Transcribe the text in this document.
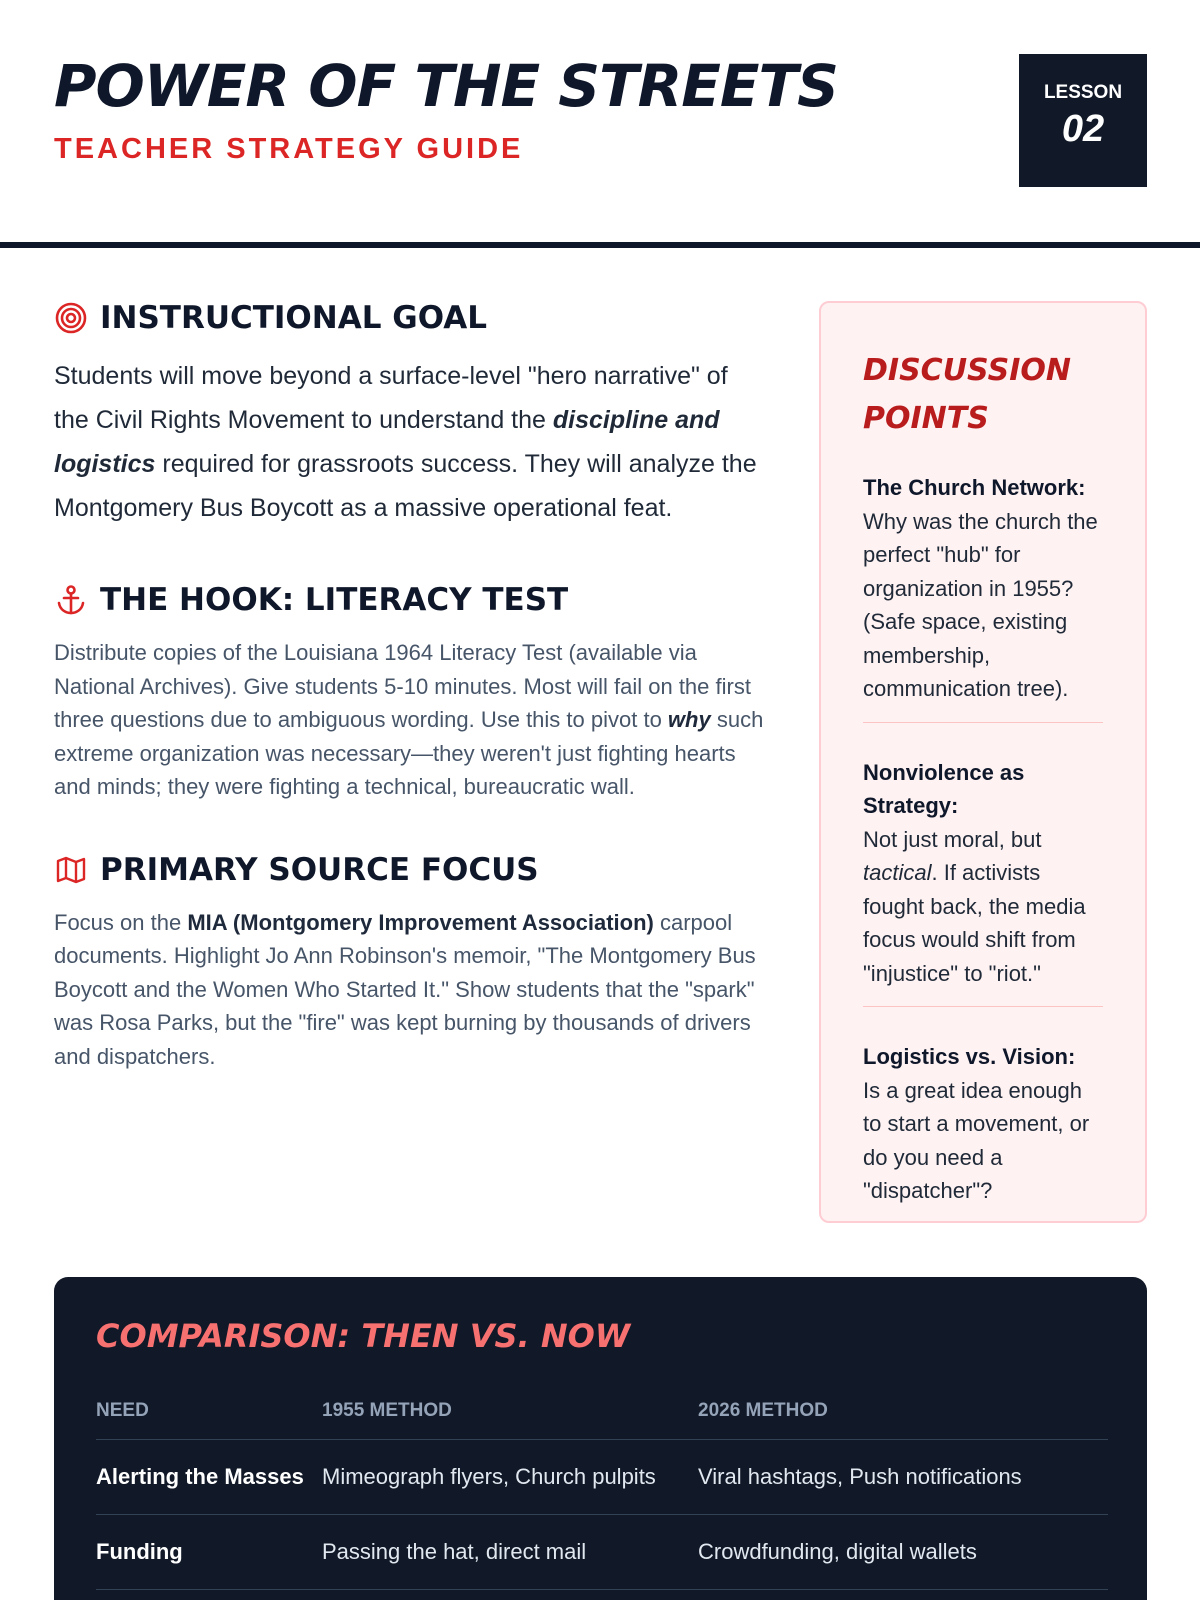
POWER OF THE STREETS
TEACHER STRATEGY GUIDE
LESSON
02
INSTRUCTIONAL GOAL

Students will move beyond a surface-level "hero narrative" of the Civil Rights Movement to understand the discipline and logistics required for grassroots success. They will analyze the Montgomery Bus Boycott as a massive operational feat.

THE HOOK: LITERACY TEST

Distribute copies of the Louisiana 1964 Literacy Test (available via National Archives). Give students 5-10 minutes. Most will fail on the first three questions due to ambiguous wording. Use this to pivot to why such extreme organization was necessary—they weren't just fighting hearts and minds; they were fighting a technical, bureaucratic wall.

PRIMARY SOURCE FOCUS

Focus on the MIA (Montgomery Improvement Association) carpool documents. Highlight Jo Ann Robinson's memoir, "The Montgomery Bus Boycott and the Women Who Started It." Show students that the "spark" was Rosa Parks, but the "fire" was kept burning by thousands of drivers and dispatchers.

DISCUSSION POINTS
The Church Network:
Why was the church the perfect "hub" for organization in 1955? (Safe space, existing membership, communication tree).
Nonviolence as Strategy:
Not just moral, but tactical. If activists fought back, the media focus would shift from "injustice" to "riot."
Logistics vs. Vision:
Is a great idea enough to start a movement, or do you need a "dispatcher"?
COMPARISON: THEN VS. NOW
NEED	1955 METHOD	2026 METHOD
Alerting the Masses	Mimeograph flyers, Church pulpits	Viral hashtags, Push notifications
Funding	Passing the hat, direct mail	Crowdfunding, digital wallets
